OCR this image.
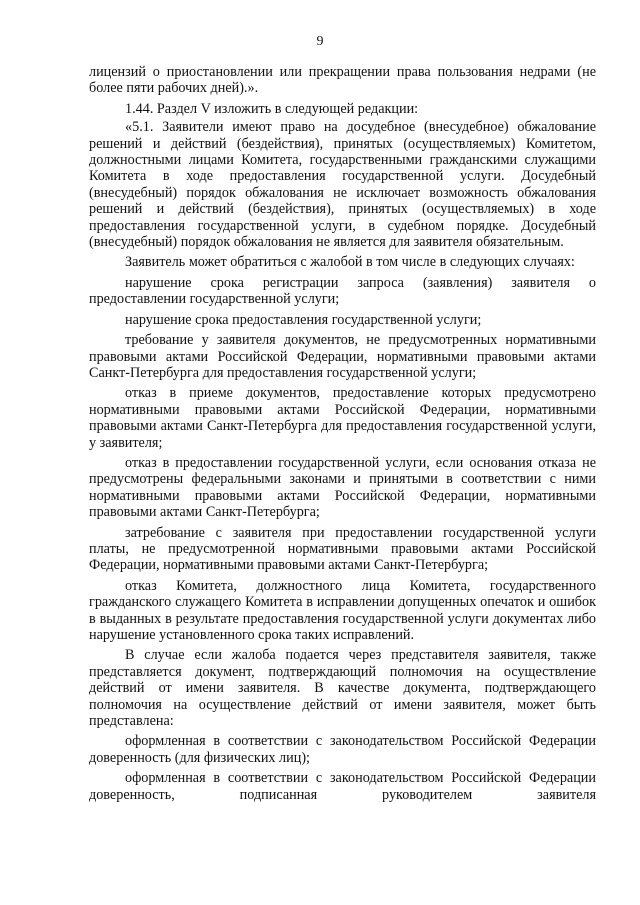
9

лицензий о приостановлении или прекращении права пользования недрами (не более пяти рабочих дней).».

1.44. Раздел V изложить в следующей редакции:

«5.1. Заявители имеют право на досудебное (внесудебное) обжалование решений и действий (бездействия), принятых (осуществляемых) Комитетом, должностными лицами Комитета, государственными гражданскими служащими Комитета в ходе предоставления государственной услуги. Досудебный (внесудебный) порядок обжалования не исключает возможность обжалования решений и действий (бездействия), принятых (осуществляемых) в ходе предоставления государственной услуги, в судебном порядке. Досудебный (внесудебный) порядок обжалования не является для заявителя обязательным.

Заявитель может обратиться с жалобой в том числе в следующих случаях:

нарушение срока регистрации запроса (заявления) заявителя о предоставлении государственной услуги;

нарушение срока предоставления государственной услуги;

требование у заявителя документов, не предусмотренных нормативными правовыми актами Российской Федерации, нормативными правовыми актами Санкт-Петербурга для предоставления государственной услуги;

отказ в приеме документов, предоставление которых предусмотрено нормативными правовыми актами Российской Федерации, нормативными правовыми актами Санкт-Петербурга для предоставления государственной услуги, у заявителя;

отказ в предоставлении государственной услуги, если основания отказа не предусмотрены федеральными законами и принятыми в соответствии с ними нормативными правовыми актами Российской Федерации, нормативными правовыми актами Санкт-Петербурга;

затребование с заявителя при предоставлении государственной услуги платы, не предусмотренной нормативными правовыми актами Российской Федерации, нормативными правовыми актами Санкт-Петербурга;

отказ Комитета, должностного лица Комитета, государственного гражданского служащего Комитета в исправлении допущенных опечаток и ошибок в выданных в результате предоставления государственной услуги документах либо нарушение установленного срока таких исправлений.

В случае если жалоба подается через представителя заявителя, также представляется документ, подтверждающий полномочия на осуществление действий от имени заявителя. В качестве документа, подтверждающего полномочия на осуществление действий от имени заявителя, может быть представлена:

оформленная в соответствии с законодательством Российской Федерации доверенность (для физических лиц);

оформленная в соответствии с законодательством Российской Федерации доверенность, подписанная руководителем заявителя
